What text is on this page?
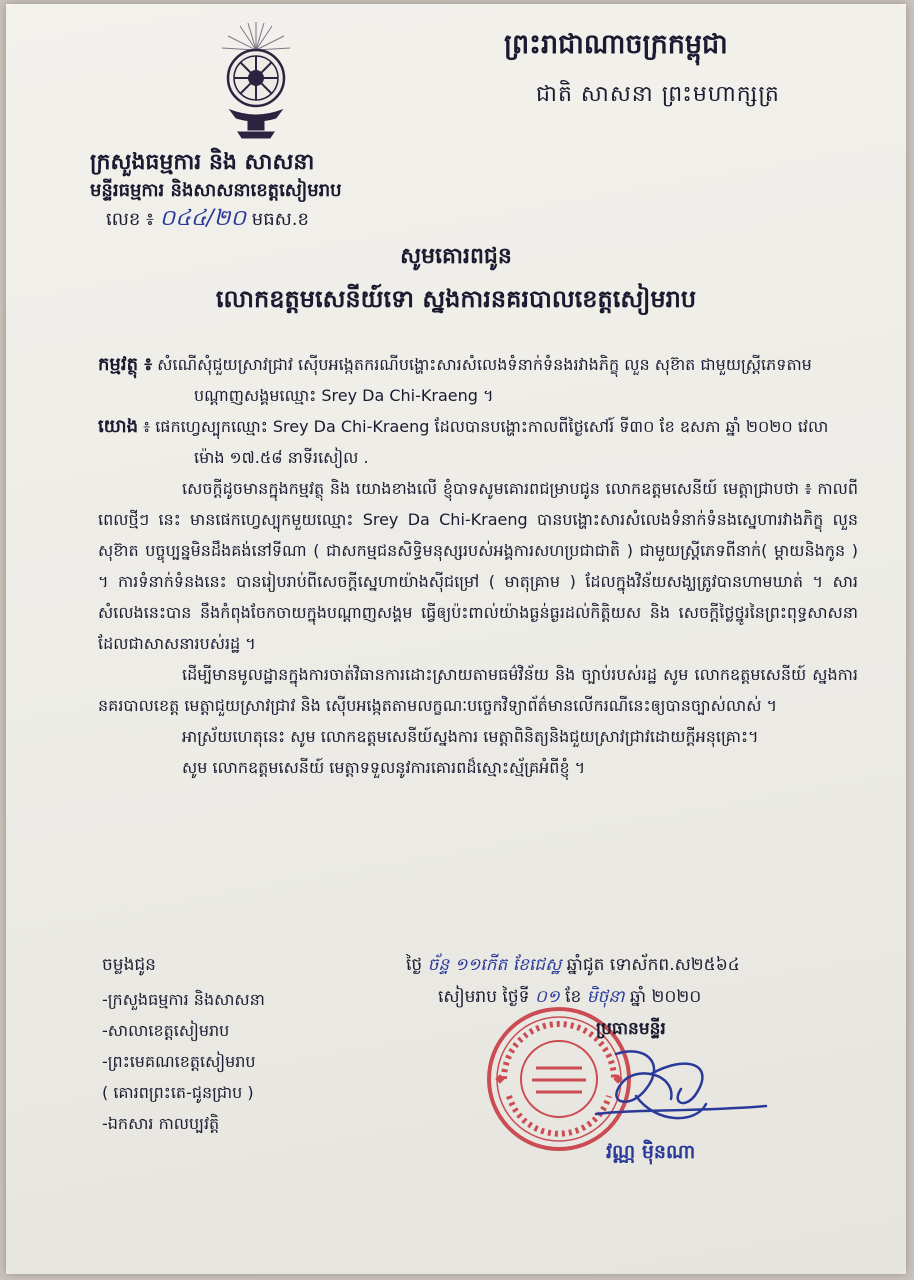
ព្រះរាជាណាចក្រកម្ពុជា
ជាតិ សាសនា ព្រះមហាក្សត្រ
ក្រសួងធម្មការ និង សាសនា
មន្ទីរធម្មការ និងសាសនាខេត្តសៀមរាប
លេខ ៖ ០៤៤/២០ មធស.ខ
សូមគោរពជូន
លោកឧត្តមសេនីយ៍ទោ ស្នងការនគរបាលខេត្តសៀមរាប

កម្មវត្ថុ ៖ សំណើសុំជួយស្រាវជ្រាវ ស៊ើបអង្កេតករណីបង្ហោះសារសំលេងទំនាក់ទំនងរវាងភិក្ខុ លួន សុខ៊ាត ជាមួយស្រ្តីភេទតាមបណ្តាញសង្គមឈ្មោះ Srey Da Chi-Kraeng ។

យោង ៖ ផេកហ្វេស្បុកឈ្មោះ Srey Da Chi-Kraeng ដែលបានបង្ហោះកាលពីថ្ងៃសៅរ៍ ទី៣០ ខែ ឧសភា ឆ្នាំ ២០២០ វេលាម៉ោង ១៧.៥៨ នាទីរសៀល .

សេចក្តីដូចមានក្នុងកម្មវត្ថុ និង យោងខាងលើ ខ្ញុំបាទសូមគោរពជម្រាបជូន លោកឧត្តមសេនីយ៍ មេត្តាជ្រាបថា ៖ កាលពីពេលថ្មីៗ នេះ មានផេកហ្វេស្បុកមួយឈ្មោះ Srey Da Chi-Kraeng បានបង្ហោះសារសំលេងទំនាក់ទំនងស្នេហារវាងភិក្ខុ លួន សុខ៊ាត បច្ចុប្បន្នមិនដឹងគង់នៅទីណា ( ជាសកម្មជនសិទ្ធិមនុស្សរបស់អង្គការសហប្រជាជាតិ ) ជាមួយស្រ្តីភេទពីនាក់( ម្តាយនិងកូន ) ។ ការទំនាក់ទំនងនេះ បានរៀបរាប់ពីសេចក្តីស្នេហាយ៉ាងស៊ីជម្រៅ ( មាតុគ្រាម ) ដែលក្នុងវិន័យសង្ឃត្រូវបានហាមឃាត់ ។ សារសំលេងនេះបាន នឹងកំពុងចែកចាយក្នុងបណ្តាញសង្គម ធ្វើឲ្យប៉ះពាល់យ៉ាងធ្ងន់ធ្ងរដល់កិត្តិយស និង សេចក្តីថ្លៃថ្នូរនៃព្រះពុទ្ធសាសនាដែលជាសាសនារបស់រដ្ឋ ។

ដើម្បីមានមូលដ្ឋានក្នុងការចាត់វិធានការដោះស្រាយតាមធម៌វិន័យ និង ច្បាប់របស់រដ្ឋ សូម លោកឧត្តមសេនីយ៍ ស្នងការនគរបាលខេត្ត មេត្តាជួយស្រាវជ្រាវ និង ស៊ើបអង្កេតតាមលក្ខណៈបច្ចេកវិទ្យាព័ត៌មានលើករណីនេះឲ្យបានច្បាស់លាស់ ។

អាស្រ័យហេតុនេះ សូម លោកឧត្តមសេនីយ៍ស្នងការ មេត្តាពិនិត្យនិងជួយស្រាវជ្រាវដោយក្តីអនុគ្រោះ។

សូម លោកឧត្តមសេនីយ៍ មេត្តាទទួលនូវការគោរពដ៏ស្មោះស្ម័គ្រអំពីខ្ញុំ ។

ចម្លងជូន
-ក្រសួងធម្មការ និងសាសនា
-សាលាខេត្តសៀមរាប
-ព្រះមេគណខេត្តសៀមរាប
( គោរពព្រះតេ-ជូនជ្រាប )
-ឯកសារ កាលប្បវត្តិ
ថ្ងៃ ច័ន្ទ ១១កើត ខែជេស្ឋ ឆ្នាំជូត ទោស័កព.ស២៥៦៤
សៀមរាប ថ្ងៃទី ០១ ខែ មិថុនា ឆ្នាំ ២០២០
ប្រធានមន្ទីរ
វណ្ណ ម៉ិនណា
